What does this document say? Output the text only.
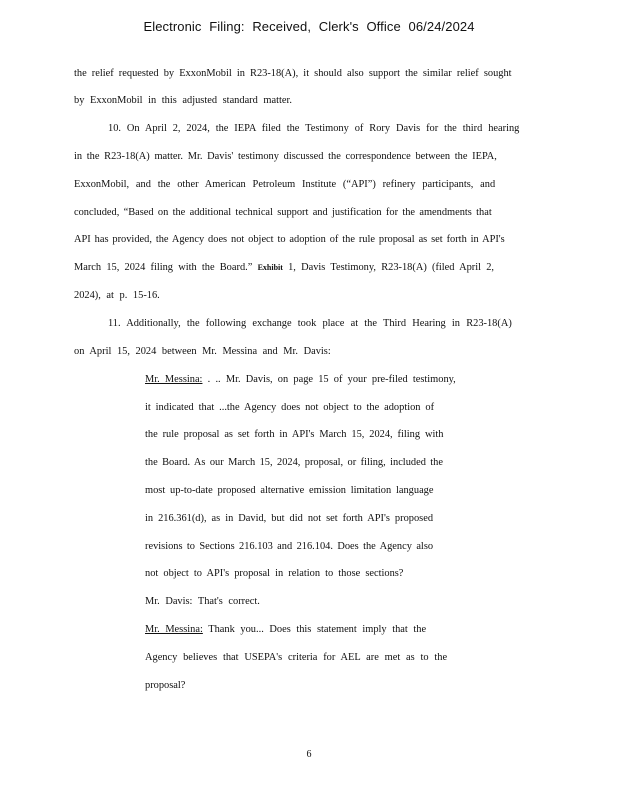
Electronic Filing: Received, Clerk's Office 06/24/2024
the relief requested by ExxonMobil in R23-18(A), it should also support the similar relief sought
by ExxonMobil in this adjusted standard matter.
10. On April 2, 2024, the IEPA filed the Testimony of Rory Davis for the third hearing
in the R23-18(A) matter. Mr. Davis' testimony discussed the correspondence between the IEPA,
ExxonMobil, and the other American Petroleum Institute (“API”) refinery participants, and
concluded, “Based on the additional technical support and justification for the amendments that
API has provided, the Agency does not object to adoption of the rule proposal as set forth in API's
March 15, 2024 filing with the Board.” Exhibit 1, Davis Testimony, R23-18(A) (filed April 2,
2024), at p. 15-16.
11. Additionally, the following exchange took place at the Third Hearing in R23-18(A)
on April 15, 2024 between Mr. Messina and Mr. Davis:
Mr. Messina: . .. Mr. Davis, on page 15 of your pre-filed testimony,
it indicated that ...the Agency does not object to the adoption of
the rule proposal as set forth in API's March 15, 2024, filing with
the Board. As our March 15, 2024, proposal, or filing, included the
most up-to-date proposed alternative emission limitation language
in 216.361(d), as in David, but did not set forth API's proposed
revisions to Sections 216.103 and 216.104. Does the Agency also
not object to API's proposal in relation to those sections?
Mr. Davis: That's correct.
Mr. Messina: Thank you... Does this statement imply that the
Agency believes that USEPA's criteria for AEL are met as to the
proposal?
6
